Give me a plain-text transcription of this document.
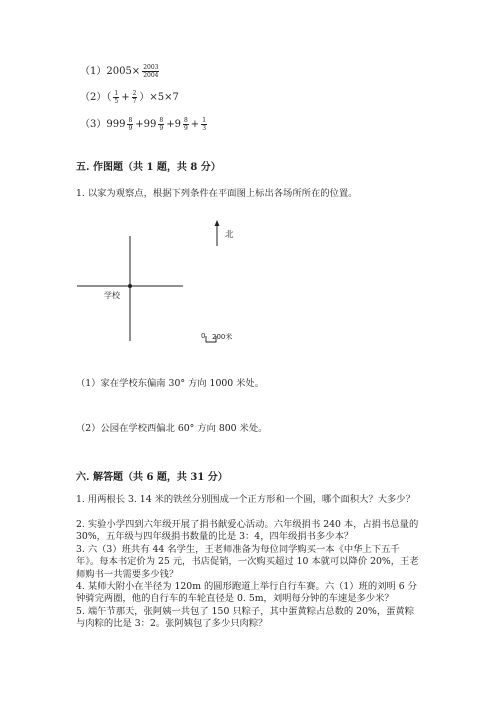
$(1)2005\times \frac{2003}{2004}$
$(2)( \frac{1}{5} + \frac{2}{7} )\times 5\times 7$
$(3)999 \frac{8}{9} +99 \frac{8}{9} +9 \frac{8}{9} + \frac{1}{3}$
五. 作图题（共 1 题，共 8 分）
1. 以家为观察点，根据下列条件在平面图上标出各场所所在的位置。
北
学校
0 200米
（1）家在学校东偏南 30° 方向 1000 米处。
（2）公园在学校西偏北 60° 方向 800 米处。
六. 解答题（共 6 题，共 31 分）
1. 用两根长 3. 14 米的铁丝分别围成一个正方形和一个圆，哪个面积大？大多少？
2. 实验小学四到六年级开展了捐书献爱心活动。六年级捐书 240 本，占捐书总量的 30%，五年级与四年级捐书数量的比是 3：4，四年级捐书多少本？
3. 六（3）班共有 44 名学生，王老师准备为每位同学购买一本《中华上下五千年》。每本书定价为 25 元，书店促销，一次购买超过 10 本就可以降价 20%，王老师购书一共需要多少钱？
4. 某师大附小在半径为 120m 的圆形跑道上举行自行车赛。六（1）班的刘明 6 分钟骑完两圈，他的自行车的车轮直径是 0. 5m，刘明每分钟的车速是多少米？
5. 端午节那天，张阿姨一共包了 150 只粽子，其中蛋黄粽占总数的 20%，蛋黄粽与肉粽的比是 3：2。张阿姨包了多少只肉粽？
